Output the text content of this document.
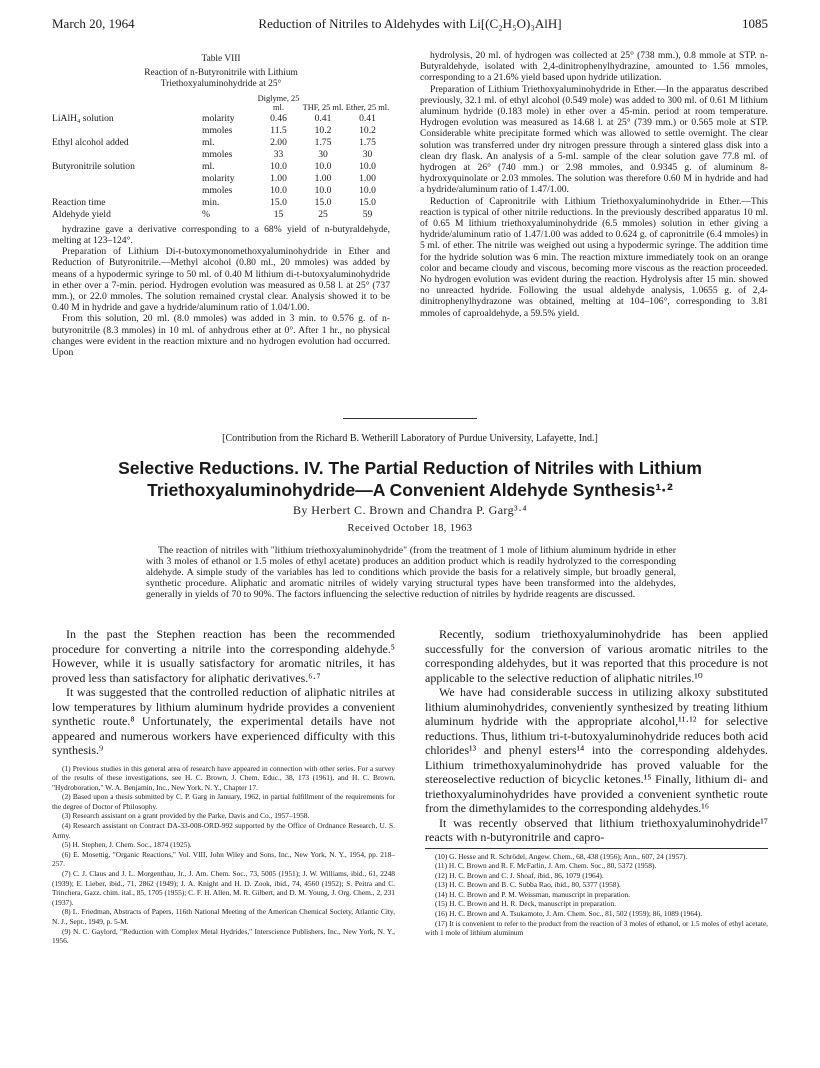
March 20, 1964	Reduction of Nitriles to Aldehydes with Li[(C₂H₅O)₃AlH]	1085
Table VIII
Reaction of n-Butyronitrile with Lithium
Triethoxyaluminohydride at 25°
		Diglyme, 25 ml.	THF, 25 ml.	Ether, 25 ml.
LiAlH₄ solution	molarity	0.46	0.41	0.41
	mmoles	11.5	10.2	10.2
Ethyl alcohol added	ml.	2.00	1.75	1.75
	mmoles	33	30	30
Butyronitrile solution	ml.	10.0	10.0	10.0
	molarity	1.00	1.00	1.00
	mmoles	10.0	10.0	10.0
Reaction time	min.	15.0	15.0	15.0
Aldehyde yield	%	15	25	59

hydrazine gave a derivative corresponding to a 68% yield of n-butyraldehyde, melting at 123–124°.

Preparation of Lithium Di-t-butoxymonomethoxyaluminohydride in Ether and Reduction of Butyronitrile.—Methyl alcohol (0.80 ml., 20 mmoles) was added by means of a hypodermic syringe to 50 ml. of 0.40 M lithium di-t-butoxyaluminohydride in ether over a 7-min. period. Hydrogen evolution was measured as 0.58 l. at 25° (737 mm.), or 22.0 mmoles. The solution remained crystal clear. Analysis showed it to be 0.40 M in hydride and gave a hydride/aluminum ratio of 1.04/1.00.

From this solution, 20 ml. (8.0 mmoles) was added in 3 min. to 0.576 g. of n-butyronitrile (8.3 mmoles) in 10 ml. of anhydrous ether at 0°. After 1 hr., no physical changes were evident in the reaction mixture and no hydrogen evolution had occurred. Upon

hydrolysis, 20 ml. of hydrogen was collected at 25° (738 mm.), 0.8 mmole at STP. n-Butyraldehyde, isolated with 2,4-dinitrophenylhydrazine, amounted to 1.56 mmoles, corresponding to a 21.6% yield based upon hydride utilization.

Preparation of Lithium Triethoxyaluminohydride in Ether.—In the apparatus described previously, 32.1 ml. of ethyl alcohol (0.549 mole) was added to 300 ml. of 0.61 M lithium aluminum hydride (0.183 mole) in ether over a 45-min. period at room temperature. Hydrogen evolution was measured as 14.68 l. at 25° (739 mm.) or 0.565 mole at STP. Considerable white precipitate formed which was allowed to settle overnight. The clear solution was transferred under dry nitrogen pressure through a sintered glass disk into a clean dry flask. An analysis of a 5-ml. sample of the clear solution gave 77.8 ml. of hydrogen at 26° (740 mm.) or 2.98 mmoles, and 0.9345 g. of aluminum 8-hydroxyquinolate or 2.03 mmoles. The solution was therefore 0.60 M in hydride and had a hydride/aluminum ratio of 1.47/1.00.

Reduction of Capronitrile with Lithium Triethoxyaluminohydride in Ether.—This reaction is typical of other nitrile reductions. In the previously described apparatus 10 ml. of 0.65 M lithium triethoxyaluminohydride (6.5 mmoles) solution in ether giving a hydride/aluminum ratio of 1.47/1.00 was added to 0.624 g. of capronitrile (6.4 mmoles) in 5 ml. of ether. The nitrile was weighed out using a hypodermic syringe. The addition time for the hydride solution was 6 min. The reaction mixture immediately took on an orange color and became cloudy and viscous, becoming more viscous as the reaction proceeded. No hydrogen evolution was evident during the reaction. Hydrolysis after 15 min. showed no unreacted hydride. Following the usual aldehyde analysis, 1.0655 g. of 2,4-dinitrophenylhydrazone was obtained, melting at 104–106°, corresponding to 3.81 mmoles of caproaldehyde, a 59.5% yield.

[Contribution from the Richard B. Wetherill Laboratory of Purdue University, Lafayette, Ind.]
Selective Reductions. IV. The Partial Reduction of Nitriles with Lithium
Triethoxyaluminohydride—A Convenient Aldehyde Synthesis¹·²
By Herbert C. Brown and Chandra P. Garg³·⁴
Received October 18, 1963

The reaction of nitriles with "lithium triethoxyaluminohydride" (from the treatment of 1 mole of lithium aluminum hydride in ether with 3 moles of ethanol or 1.5 moles of ethyl acetate) produces an addition product which is readily hydrolyzed to the corresponding aldehyde. A simple study of the variables has led to conditions which provide the basis for a relatively simple, but broadly general, synthetic procedure. Aliphatic and aromatic nitriles of widely varying structural types have been transformed into the aldehydes, generally in yields of 70 to 90%. The factors influencing the selective reduction of nitriles by hydride reagents are discussed.

In the past the Stephen reaction has been the recommended procedure for converting a nitrile into the corresponding aldehyde.⁵ However, while it is usually satisfactory for aromatic nitriles, it has proved less than satisfactory for aliphatic derivatives.⁶·⁷

It was suggested that the controlled reduction of aliphatic nitriles at low temperatures by lithium aluminum hydride provides a convenient synthetic route.⁸ Unfortunately, the experimental details have not appeared and numerous workers have experienced difficulty with this synthesis.⁹

(1) Previous studies in this general area of research have appeared in connection with other series. For a survey of the results of these investigations, see H. C. Brown, J. Chem. Educ., 38, 173 (1961), and H. C. Brown, "Hydroboration," W. A. Benjamin, Inc., New York, N. Y., Chapter 17.

(2) Based upon a thesis submitted by C. P. Garg in January, 1962, in partial fulfillment of the requirements for the degree of Doctor of Philosophy.

(3) Research assistant on a grant provided by the Parke, Davis and Co., 1957–1958.

(4) Research assistant on Contract DA-33-008-ORD-992 supported by the Office of Ordnance Research, U. S. Army.

(5) H. Stephen, J. Chem. Soc., 1874 (1925).

(6) E. Mosettig, "Organic Reactions," Vol. VIII, John Wiley and Sons, Inc., New York, N. Y., 1954, pp. 218–257.

(7) C. J. Claus and J. L. Morgenthau, Jr., J. Am. Chem. Soc., 73, 5005 (1951); J. W. Williams, ibid., 61, 2248 (1939); E. Lieber, ibid., 71, 2862 (1949); J. A. Knight and H. D. Zook, ibid., 74, 4560 (1952); S. Peitra and C. Trinchera, Gazz. chim. ital., 85, 1705 (1955); C. F. H. Allen, M. R. Gilbert, and D. M. Young, J. Org. Chem., 2, 231 (1937).

(8) L. Friedman, Abstracts of Papers, 116th National Meeting of the American Chemical Society, Atlantic City, N. J., Sept., 1949, p. 5-M.

(9) N. C. Gaylord, "Reduction with Complex Metal Hydrides," Interscience Publishers, Inc., New York, N. Y., 1956.

Recently, sodium triethoxyaluminohydride has been applied successfully for the conversion of various aromatic nitriles to the corresponding aldehydes, but it was reported that this procedure is not applicable to the selective reduction of aliphatic nitriles.¹⁰

We have had considerable success in utilizing alkoxy substituted lithium aluminohydrides, conveniently synthesized by treating lithium aluminum hydride with the appropriate alcohol,¹¹·¹² for selective reductions. Thus, lithium tri-t-butoxyaluminohydride reduces both acid chlorides¹³ and phenyl esters¹⁴ into the corresponding aldehydes. Lithium trimethoxyaluminohydride has proved valuable for the stereoselective reduction of bicyclic ketones.¹⁵ Finally, lithium di- and triethoxyaluminohydrides have provided a convenient synthetic route from the dimethylamides to the corresponding aldehydes.¹⁶

It was recently observed that lithium triethoxyaluminohydride¹⁷ reacts with n-butyronitrile and capro-

(10) G. Hesse and R. Schrödel, Angew. Chem., 68, 438 (1956); Ann., 607, 24 (1957).

(11) H. C. Brown and R. F. McFarlin, J. Am. Chem. Soc., 80, 5372 (1958).

(12) H. C. Brown and C. J. Shoaf, ibid., 86, 1079 (1964).

(13) H. C. Brown and B. C. Subba Rao, ibid., 80, 5377 (1958).

(14) H. C. Brown and P. M. Weissman, manuscript in preparation.

(15) H. C. Brown and H. R. Deck, manuscript in preparation.

(16) H. C. Brown and A. Tsukamoto, J. Am. Chem. Soc., 81, 502 (1959); 86, 1089 (1964).

(17) It is convenient to refer to the product from the reaction of 3 moles of ethanol, or 1.5 moles of ethyl acetate, with 1 mole of lithium aluminum
